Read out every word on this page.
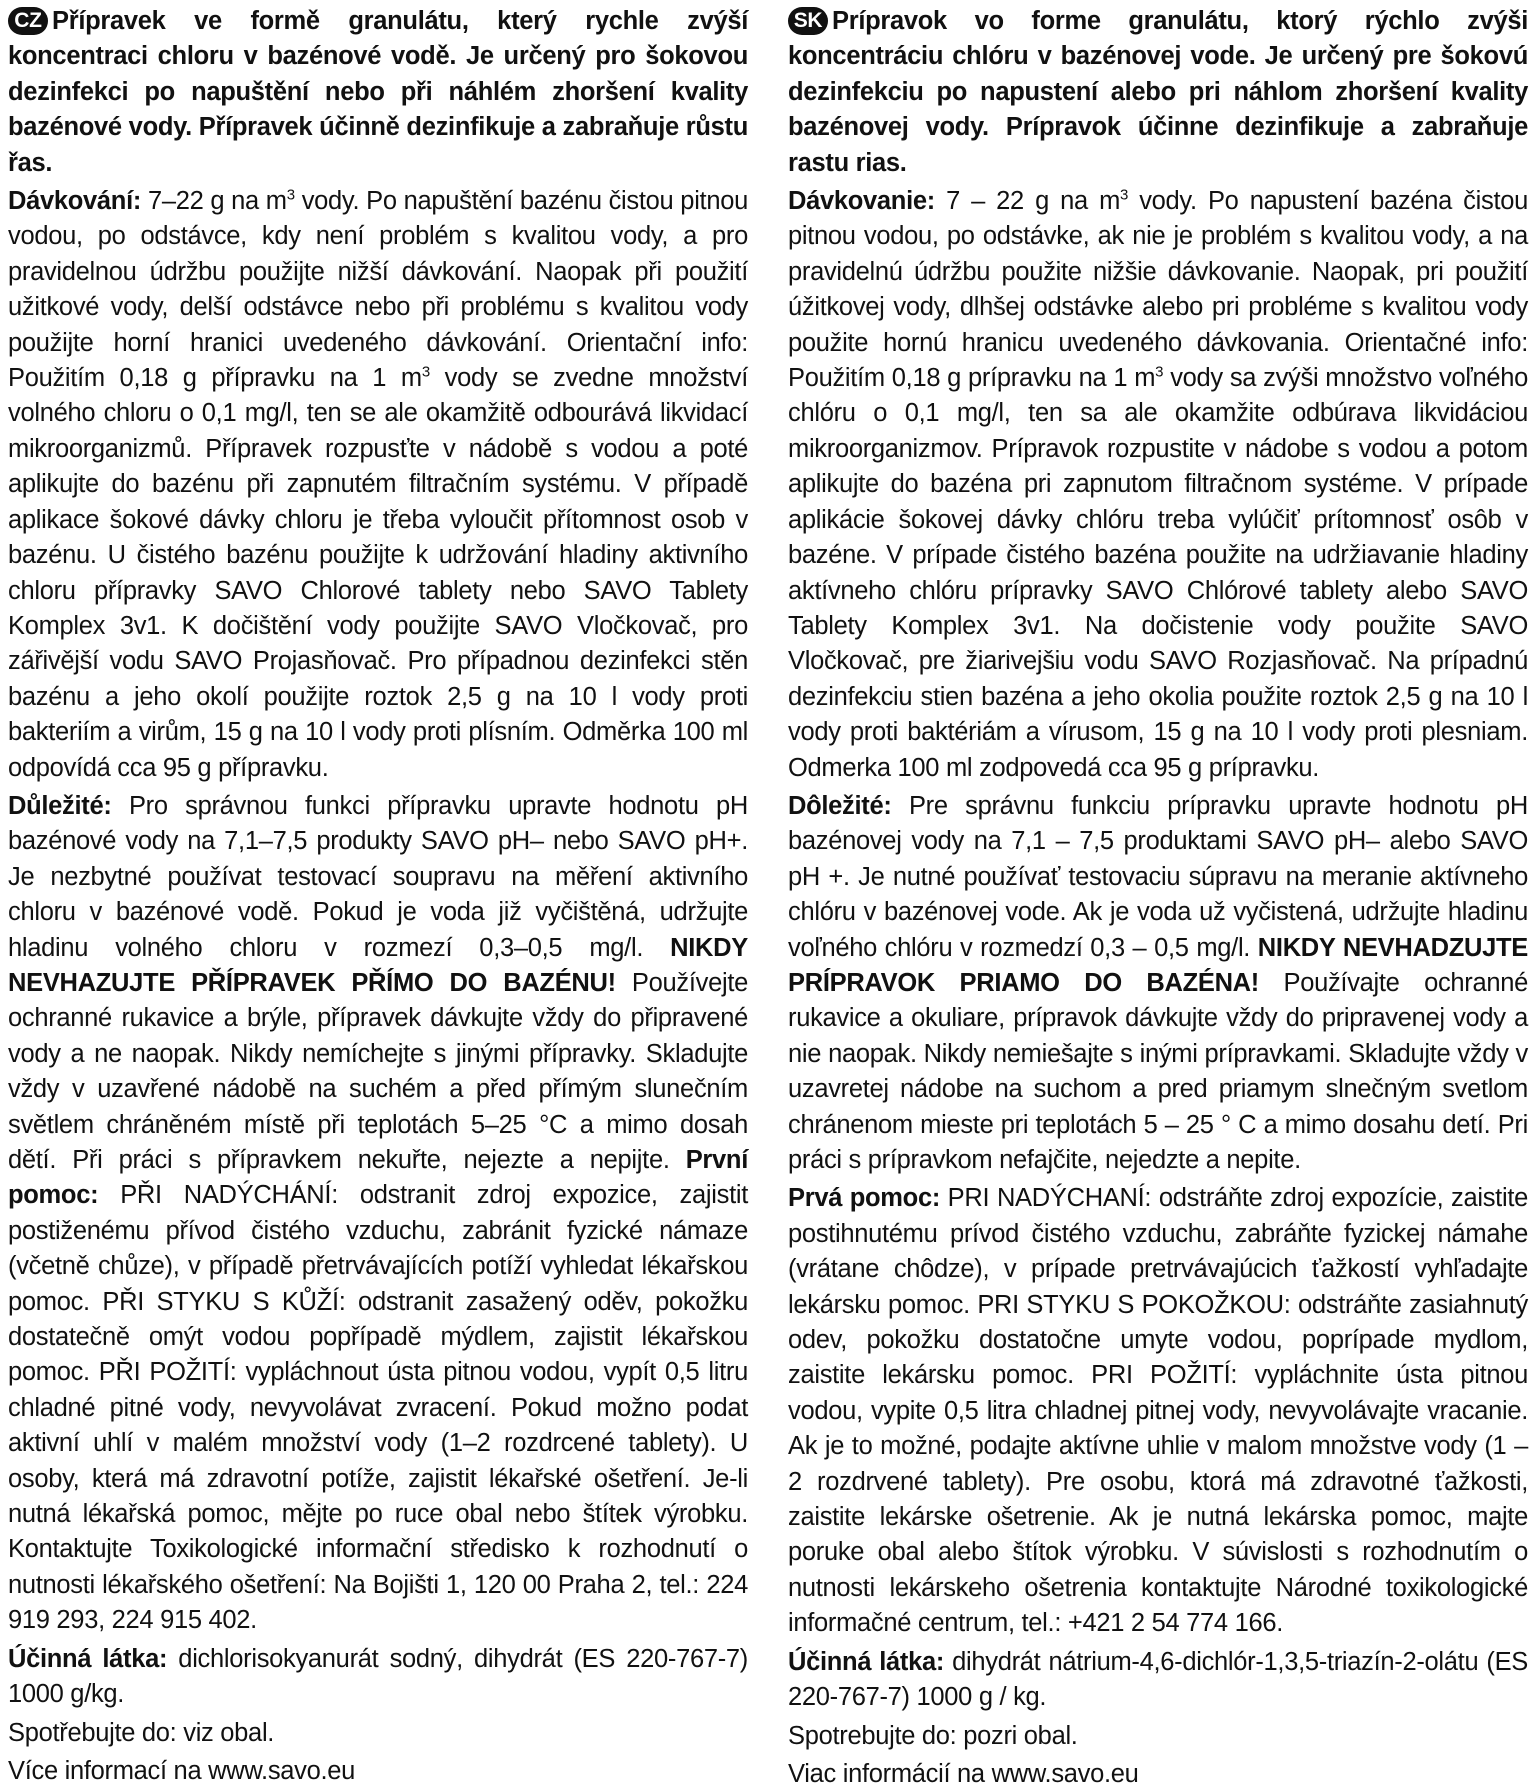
CZ Přípravek ve formě granulátu, který rychle zvýší koncentraci chloru v bazénové vodě. Je určený pro šokovou dezinfekci po napuštění nebo při náhlém zhoršení kvality bazénové vody. Přípravek účinně dezinfikuje a zabraňuje růstu řas.

Dávkování: 7–22 g na $m^3$ vody. Po napuštění bazénu čistou pitnou vodou, po odstávce, kdy není problém s kvalitou vody, a pro pravidelnou údržbu použijte nižší dávkování. Naopak při použití užitkové vody, delší odstávce nebo při problému s kvalitou vody použijte horní hranici uvedeného dávkování. Orientační info: Použitím 0,18 g přípravku na 1 $m^3$ vody se zvedne množství volného chloru o 0,1 mg/l, ten se ale okamžitě odbourává likvidací mikroorganizmů. Přípravek rozpusťte v nádobě s vodou a poté aplikujte do bazénu při zapnutém filtračním systému. V případě aplikace šokové dávky chloru je třeba vyloučit přítomnost osob v bazénu. U čistého bazénu použijte k udržování hladiny aktivního chloru přípravky SAVO Chlorové tablety nebo SAVO Tablety Komplex 3v1. K dočištění vody použijte SAVO Vločkovač, pro zářivější vodu SAVO Projasňovač. Pro případnou dezinfekci stěn bazénu a jeho okolí použijte roztok 2,5 g na 10 l vody proti bakteriím a virům, 15 g na 10 l vody proti plísním. Odměrka 100 ml odpovídá cca 95 g přípravku.

Důležité: Pro správnou funkci přípravku upravte hodnotu pH bazénové vody na 7,1–7,5 produkty SAVO pH– nebo SAVO pH+. Je nezbytné používat testovací soupravu na měření aktivního chloru v bazénové vodě. Pokud je voda již vyčištěná, udržujte hladinu volného chloru v rozmezí 0,3–0,5 mg/l. NIKDY NEVHAZUJTE PŘÍPRAVEK PŘÍMO DO BAZÉNU! Používejte ochranné rukavice a brýle, přípravek dávkujte vždy do připravené vody a ne naopak. Nikdy nemíchejte s jinými přípravky. Skladujte vždy v uzavřené nádobě na suchém a před přímým slunečním světlem chráněném místě při teplotách 5–25 °C a mimo dosah dětí. Při práci s přípravkem nekuřte, nejezte a nepijte. První pomoc: PŘI NADÝCHÁNÍ: odstranit zdroj expozice, zajistit postiženému přívod čistého vzduchu, zabránit fyzické námaze (včetně chůze), v případě přetrvávajících potíží vyhledat lékařskou pomoc. PŘI STYKU S KŮŽÍ: odstranit zasažený oděv, pokožku dostatečně omýt vodou popřípadě mýdlem, zajistit lékařskou pomoc. PŘI POŽITÍ: vypláchnout ústa pitnou vodou, vypít 0,5 litru chladné pitné vody, nevyvolávat zvracení. Pokud možno podat aktivní uhlí v malém množství vody (1–2 rozdrcené tablety). U osoby, která má zdravotní potíže, zajistit lékařské ošetření. Je-li nutná lékařská pomoc, mějte po ruce obal nebo štítek výrobku. Kontaktujte Toxikologické informační středisko k rozhodnutí o nutnosti lékařského ošetření: Na Bojišti 1, 120 00 Praha 2, tel.: 224 919 293, 224 915 402.

Účinná látka: dichlorisokyanurát sodný, dihydrát (ES 220-767-7) 1000 g/kg.

Spotřebujte do: viz obal.

Více informací na www.savo.eu

SK Prípravok vo forme granulátu, ktorý rýchlo zvýši koncentráciu chlóru v bazénovej vode. Je určený pre šokovú dezinfekciu po napustení alebo pri náhlom zhoršení kvality bazénovej vody. Prípravok účinne dezinfikuje a zabraňuje rastu rias.

Dávkovanie: 7 – 22 g na $m^3$ vody. Po napustení bazéna čistou pitnou vodou, po odstávke, ak nie je problém s kvalitou vody, a na pravidelnú údržbu použite nižšie dávkovanie. Naopak, pri použití úžitkovej vody, dlhšej odstávke alebo pri probléme s kvalitou vody použite hornú hranicu uvedeného dávkovania. Orientačné info: Použitím 0,18 g prípravku na 1 $m^3$ vody sa zvýši množstvo voľného chlóru o 0,1 mg/l, ten sa ale okamžite odbúrava likvidáciou mikroorganizmov. Prípravok rozpustite v nádobe s vodou a potom aplikujte do bazéna pri zapnutom filtračnom systéme. V prípade aplikácie šokovej dávky chlóru treba vylúčiť prítomnosť osôb v bazéne. V prípade čistého bazéna použite na udržiavanie hladiny aktívneho chlóru prípravky SAVO Chlórové tablety alebo SAVO Tablety Komplex 3v1. Na dočistenie vody použite SAVO Vločkovač, pre žiarivejšiu vodu SAVO Rozjasňovač. Na prípadnú dezinfekciu stien bazéna a jeho okolia použite roztok 2,5 g na 10 l vody proti baktériám a vírusom, 15 g na 10 l vody proti plesniam. Odmerka 100 ml zodpovedá cca 95 g prípravku.

Dôležité: Pre správnu funkciu prípravku upravte hodnotu pH bazénovej vody na 7,1 – 7,5 produktami SAVO pH– alebo SAVO pH +. Je nutné používať testovaciu súpravu na meranie aktívneho chlóru v bazénovej vode. Ak je voda už vyčistená, udržujte hladinu voľného chlóru v rozmedzí 0,3 – 0,5 mg/l. NIKDY NEVHADZUJTE PRÍPRAVOK PRIAMO DO BAZÉNA! Používajte ochranné rukavice a okuliare, prípravok dávkujte vždy do pripravenej vody a nie naopak. Nikdy nemiešajte s inými prípravkami. Skladujte vždy v uzavretej nádobe na suchom a pred priamym slnečným svetlom chránenom mieste pri teplotách 5 – 25 ° C a mimo dosahu detí. Pri práci s prípravkom nefajčite, nejedzte a nepite.

Prvá pomoc: PRI NADÝCHANÍ: odstráňte zdroj expozície, zaistite postihnutému prívod čistého vzduchu, zabráňte fyzickej námahe (vrátane chôdze), v prípade pretrvávajúcich ťažkostí vyhľadajte lekársku pomoc. PRI STYKU S POKOŽKOU: odstráňte zasiahnutý odev, pokožku dostatočne umyte vodou, poprípade mydlom, zaistite lekársku pomoc. PRI POŽITÍ: vypláchnite ústa pitnou vodou, vypite 0,5 litra chladnej pitnej vody, nevyvolávajte vracanie. Ak je to možné, podajte aktívne uhlie v malom množstve vody (1 – 2 rozdrvené tablety). Pre osobu, ktorá má zdravotné ťažkosti, zaistite lekárske ošetrenie. Ak je nutná lekárska pomoc, majte poruke obal alebo štítok výrobku. V súvislosti s rozhodnutím o nutnosti lekárskeho ošetrenia kontaktujte Národné toxikologické informačné centrum, tel.: +421 2 54 774 166.

Účinná látka: dihydrát nátrium-4,6-dichlór-1,3,5-triazín-2-olátu (ES 220-767-7) 1000 g / kg.

Spotrebujte do: pozri obal.

Viac informácií na www.savo.eu
